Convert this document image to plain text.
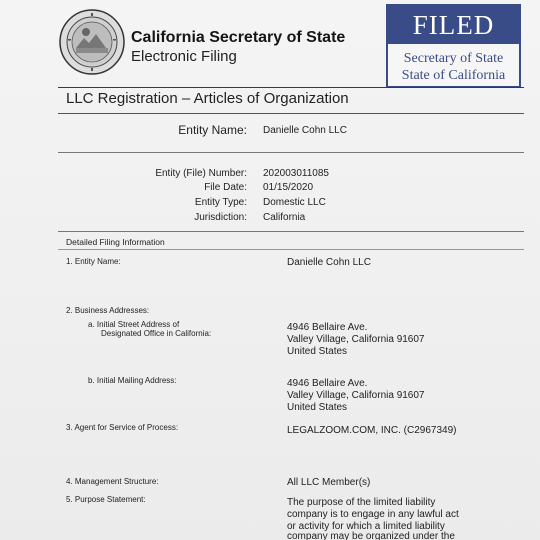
California Secretary of State
Electronic Filing
FILED
Secretary of State
State of California
LLC Registration – Articles of Organization
Entity Name: Danielle Cohn LLC
Entity (File) Number: 202003011085
File Date: 01/15/2020
Entity Type: Domestic LLC
Jurisdiction: California
Detailed Filing Information
1. Entity Name:	Danielle Cohn LLC
2. Business Addresses:
a. Initial Street Address of
Designated Office in California:
4946 Bellaire Ave.
Valley Village, California 91607
United States
b. Initial Mailing Address:	4946 Bellaire Ave.
Valley Village, California 91607
United States
3. Agent for Service of Process:	LEGALZOOM.COM, INC. (C2967349)
4. Management Structure:	All LLC Member(s)
5. Purpose Statement:	The purpose of the limited liability
company is to engage in any lawful act
or activity for which a limited liability
company may be organized under the
